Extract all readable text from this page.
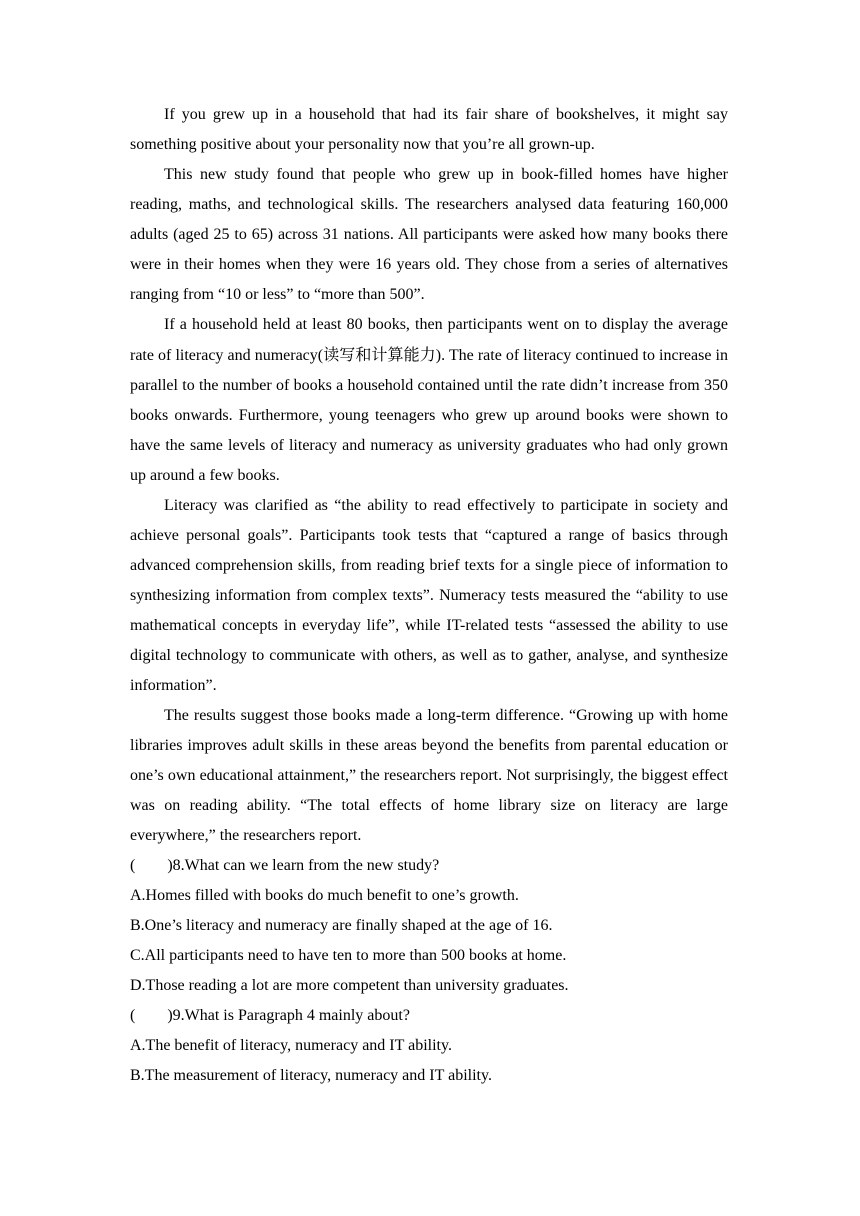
If you grew up in a household that had its fair share of bookshelves, it might say something positive about your personality now that you’re all grown-up.

This new study found that people who grew up in book-filled homes have higher reading, maths, and technological skills. The researchers analysed data featuring 160,000 adults (aged 25 to 65) across 31 nations. All participants were asked how many books there were in their homes when they were 16 years old. They chose from a series of alternatives ranging from “10 or less” to “more than 500”.

If a household held at least 80 books, then participants went on to display the average rate of literacy and numeracy(读写和计算能力). The rate of literacy continued to increase in parallel to the number of books a household contained until the rate didn’t increase from 350 books onwards. Furthermore, young teenagers who grew up around books were shown to have the same levels of literacy and numeracy as university graduates who had only grown up around a few books.

Literacy was clarified as “the ability to read effectively to participate in society and achieve personal goals”. Participants took tests that “captured a range of basics through advanced comprehension skills, from reading brief texts for a single piece of information to synthesizing information from complex texts”. Numeracy tests measured the “ability to use mathematical concepts in everyday life”, while IT-related tests “assessed the ability to use digital technology to communicate with others, as well as to gather, analyse, and synthesize information”.

The results suggest those books made a long-term difference. “Growing up with home libraries improves adult skills in these areas beyond the benefits from parental education or one’s own educational attainment,” the researchers report. Not surprisingly, the biggest effect was on reading ability. “The total effects of home library size on literacy are large everywhere,” the researchers report.

(        )8.What can we learn from the new study?

A.Homes filled with books do much benefit to one’s growth.

B.One’s literacy and numeracy are finally shaped at the age of 16.

C.All participants need to have ten to more than 500 books at home.

D.Those reading a lot are more competent than university graduates.

(        )9.What is Paragraph 4 mainly about?

A.The benefit of literacy, numeracy and IT ability.

B.The measurement of literacy, numeracy and IT ability.
